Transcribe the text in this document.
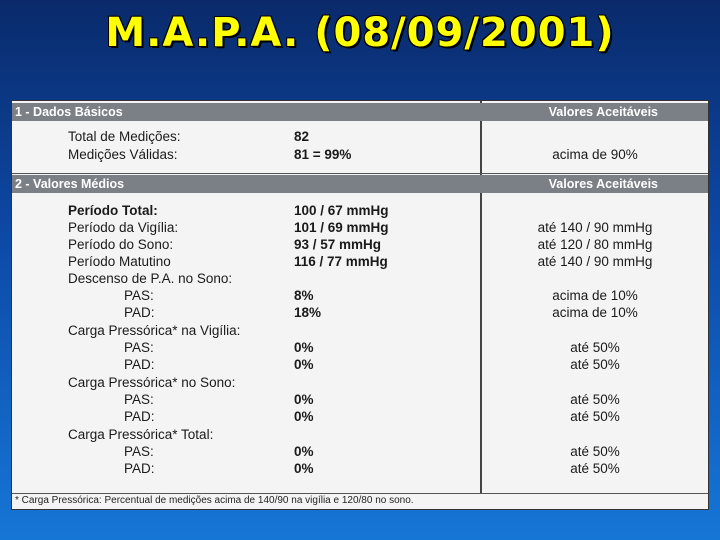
M.A.P.A. (08/09/2001)
1 - Dados Básicos	Valores Aceitáveis
Total de Medições:	82
Medições Válidas:	81 = 99%	acima de 90%
2 - Valores Médios	Valores Aceitáveis
Período Total:	100 / 67 mmHg
Período da Vigília:	101 / 69 mmHg	até 140 / 90 mmHg
Período do Sono:	93 / 57 mmHg	até 120 / 80 mmHg
Período Matutino	116 / 77 mmHg	até 140 / 90 mmHg
Descenso de P.A. no Sono:
PAS:	8%	acima de 10%
PAD:	18%	acima de 10%
Carga Pressórica* na Vigília:
PAS:	0%	até 50%
PAD:	0%	até 50%
Carga Pressórica* no Sono:
PAS:	0%	até 50%
PAD:	0%	até 50%
Carga Pressórica* Total:
PAS:	0%	até 50%
PAD:	0%	até 50%
* Carga Pressórica: Percentual de medições acima de 140/90 na vigília e 120/80 no sono.
